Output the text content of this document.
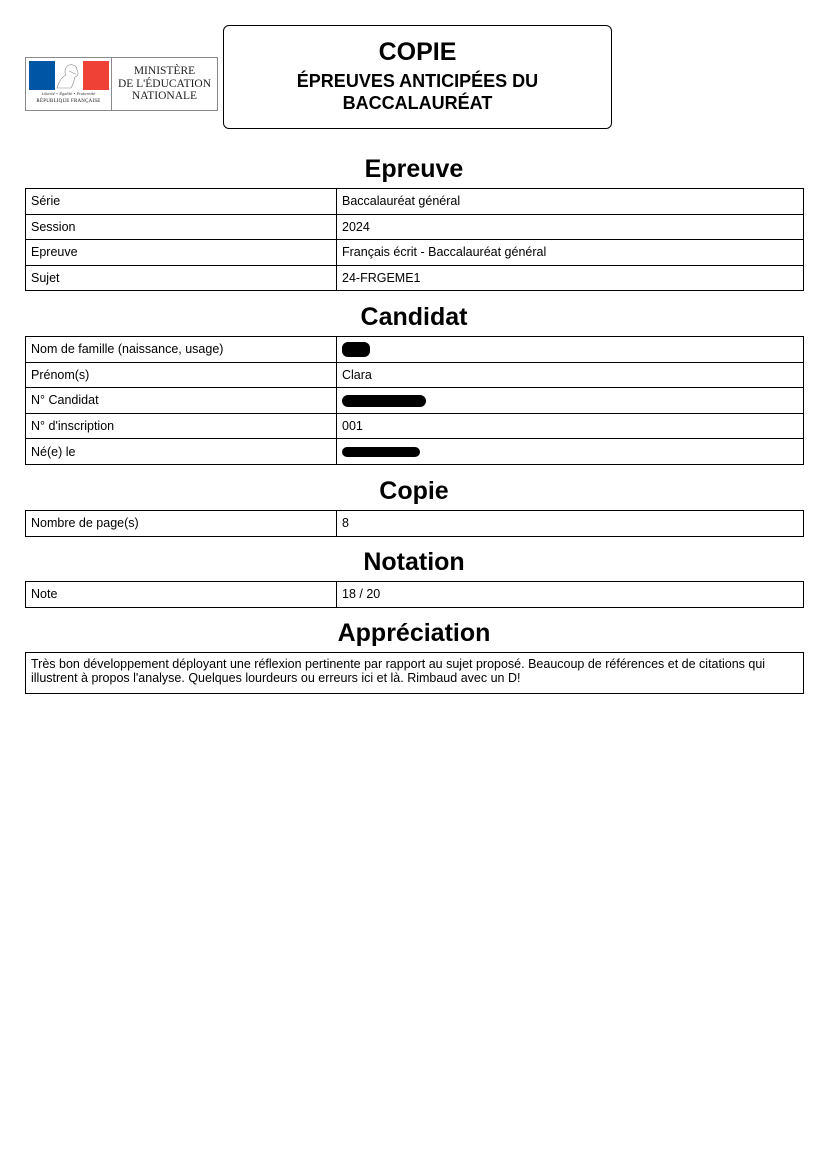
Liberté • Égalité • Fraternité
RÉPUBLIQUE FRANÇAISE
MINISTÈRE
DE L'ÉDUCATION
NATIONALE
COPIE
ÉPREUVES ANTICIPÉES DU
BACCALAURÉAT
Epreuve
Série	Baccalauréat général
Session	2024
Epreuve	Français écrit - Baccalauréat général
Sujet	24-FRGEME1
Candidat
Nom de famille (naissance, usage)	
Prénom(s)	Clara
N° Candidat	
N° d'inscription	001
Né(e) le	
Copie
Nombre de page(s)	8
Notation
Note	18 / 20
Appréciation
Très bon développement déployant une réflexion pertinente par rapport au sujet proposé. Beaucoup de références et de citations qui illustrent à propos l'analyse. Quelques lourdeurs ou erreurs ici et là. Rimbaud avec un D!
